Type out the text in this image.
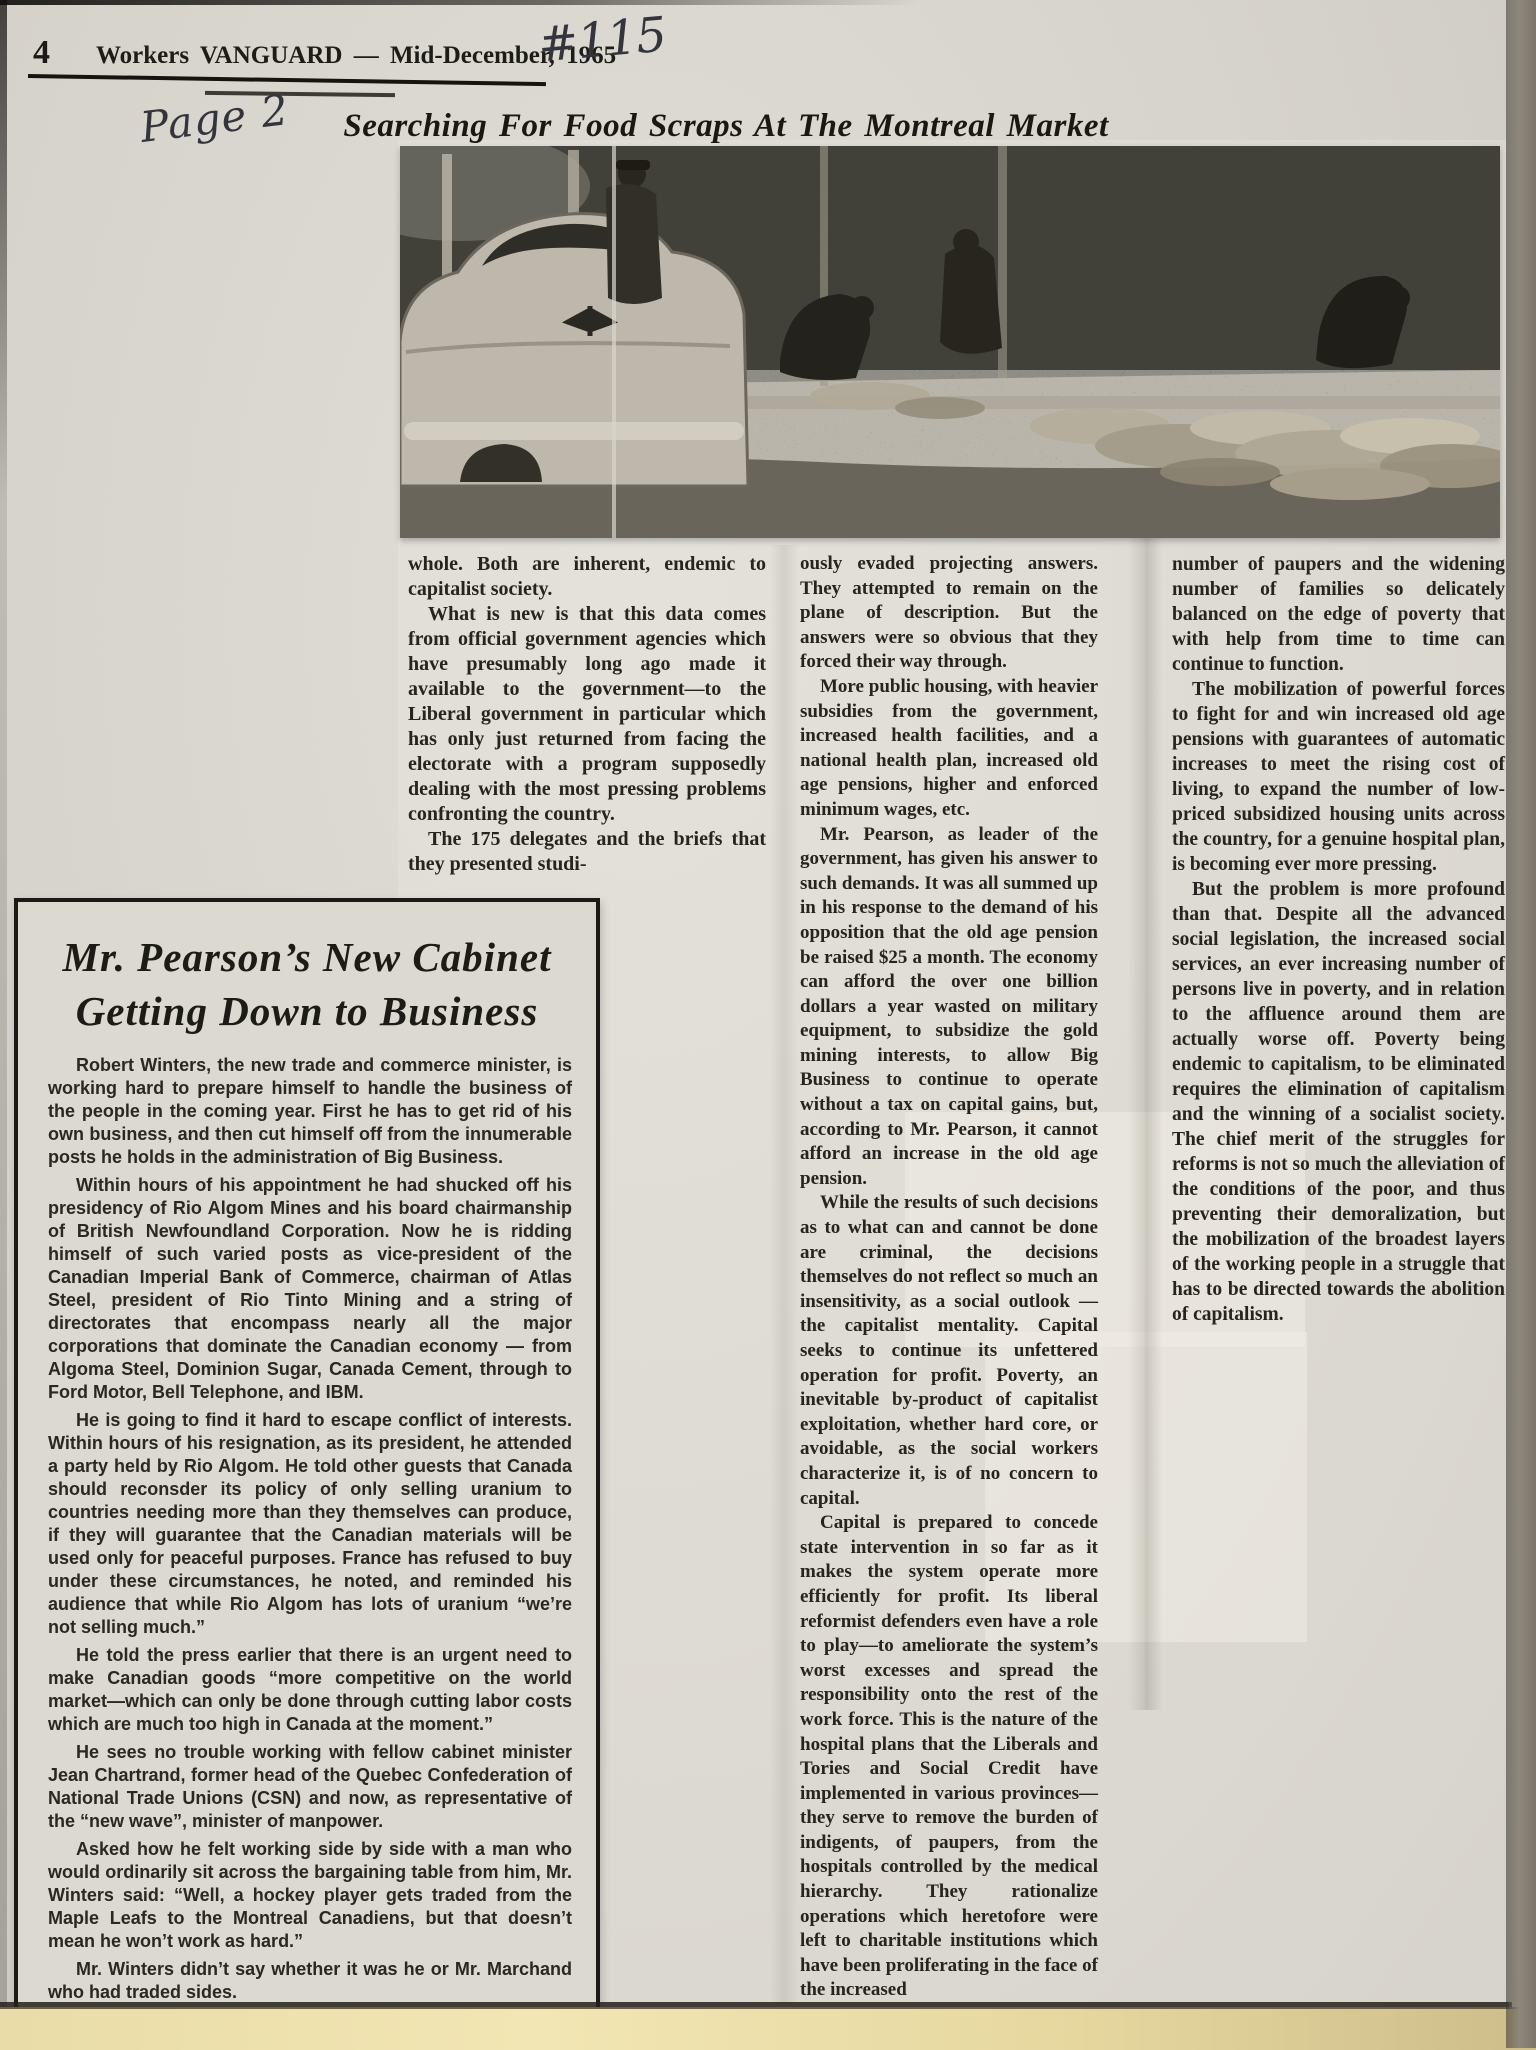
4 Workers VANGUARD — Mid-December, 1965
#115
Page 2 Searching For Food Scraps At The Montreal Market

whole. Both are inherent, endemic to capitalist society.

What is new is that this data comes from official government agencies which have presumably long ago made it available to the government—to the Liberal government in particular which has only just returned from facing the electorate with a program supposedly dealing with the most pressing problems confronting the country.

The 175 delegates and the briefs that they presented studi-

ously evaded projecting answers. They attempted to remain on the plane of description. But the answers were so obvious that they forced their way through.

More public housing, with heavier subsidies from the government, increased health facilities, and a national health plan, increased old age pensions, higher and enforced minimum wages, etc.

Mr. Pearson, as leader of the government, has given his answer to such demands. It was all summed up in his response to the demand of his opposition that the old age pension be raised $25 a month. The economy can afford the over one billion dollars a year wasted on military equipment, to subsidize the gold mining interests, to allow Big Business to continue to operate without a tax on capital gains, but, according to Mr. Pearson, it cannot afford an increase in the old age pension.

While the results of such decisions as to what can and cannot be done are criminal, the decisions themselves do not reflect so much an insensitivity, as a social outlook — the capitalist mentality. Capital seeks to continue its unfettered operation for profit. Poverty, an inevitable by-product of capitalist exploitation, whether hard core, or avoidable, as the social workers characterize it, is of no concern to capital.

Capital is prepared to concede state intervention in so far as it makes the system operate more efficiently for profit. Its liberal reformist defenders even have a role to play—to ameliorate the system’s worst excesses and spread the responsibility onto the rest of the work force. This is the nature of the hospital plans that the Liberals and Tories and Social Credit have implemented in various provinces—they serve to remove the burden of indigents, of paupers, from the hospitals controlled by the medical hierarchy. They rationalize operations which heretofore were left to charitable institutions which have been proliferating in the face of the increased

number of paupers and the widening number of families so delicately balanced on the edge of poverty that with help from time to time can continue to function.

The mobilization of powerful forces to fight for and win increased old age pensions with guarantees of automatic increases to meet the rising cost of living, to expand the number of low-priced subsidized housing units across the country, for a genuine hospital plan, is becoming ever more pressing.

But the problem is more profound than that. Despite all the advanced social legislation, the increased social services, an ever increasing number of persons live in poverty, and in relation to the affluence around them are actually worse off. Poverty being endemic to capitalism, to be eliminated requires the elimination of capitalism and the winning of a socialist society. The chief merit of the struggles for reforms is not so much the alleviation of the conditions of the poor, and thus preventing their demoralization, but the mobilization of the broadest layers of the working people in a struggle that has to be directed towards the abolition of capitalism.

Mr. Pearson’s New Cabinet
Getting Down to Business

Robert Winters, the new trade and commerce minister, is working hard to prepare himself to handle the business of the people in the coming year. First he has to get rid of his own business, and then cut himself off from the innumerable posts he holds in the administration of Big Business.

Within hours of his appointment he had shucked off his presidency of Rio Algom Mines and his board chairmanship of British Newfoundland Corporation. Now he is ridding himself of such varied posts as vice-president of the Canadian Imperial Bank of Commerce, chairman of Atlas Steel, president of Rio Tinto Mining and a string of directorates that encompass nearly all the major corporations that dominate the Canadian economy — from Algoma Steel, Dominion Sugar, Canada Cement, through to Ford Motor, Bell Telephone, and IBM.

He is going to find it hard to escape conflict of interests. Within hours of his resignation, as its president, he attended a party held by Rio Algom. He told other guests that Canada should reconsder its policy of only selling uranium to countries needing more than they themselves can produce, if they will guarantee that the Canadian materials will be used only for peaceful purposes. France has refused to buy under these circumstances, he noted, and reminded his audience that while Rio Algom has lots of uranium “we’re not selling much.”

He told the press earlier that there is an urgent need to make Canadian goods “more competitive on the world market—which can only be done through cutting labor costs which are much too high in Canada at the moment.”

He sees no trouble working with fellow cabinet minister Jean Chartrand, former head of the Quebec Confederation of National Trade Unions (CSN) and now, as representative of the “new wave”, minister of manpower.

Asked how he felt working side by side with a man who would ordinarily sit across the bargaining table from him, Mr. Winters said: “Well, a hockey player gets traded from the Maple Leafs to the Montreal Canadiens, but that doesn’t mean he won’t work as hard.”

Mr. Winters didn’t say whether it was he or Mr. Marchand who had traded sides.
